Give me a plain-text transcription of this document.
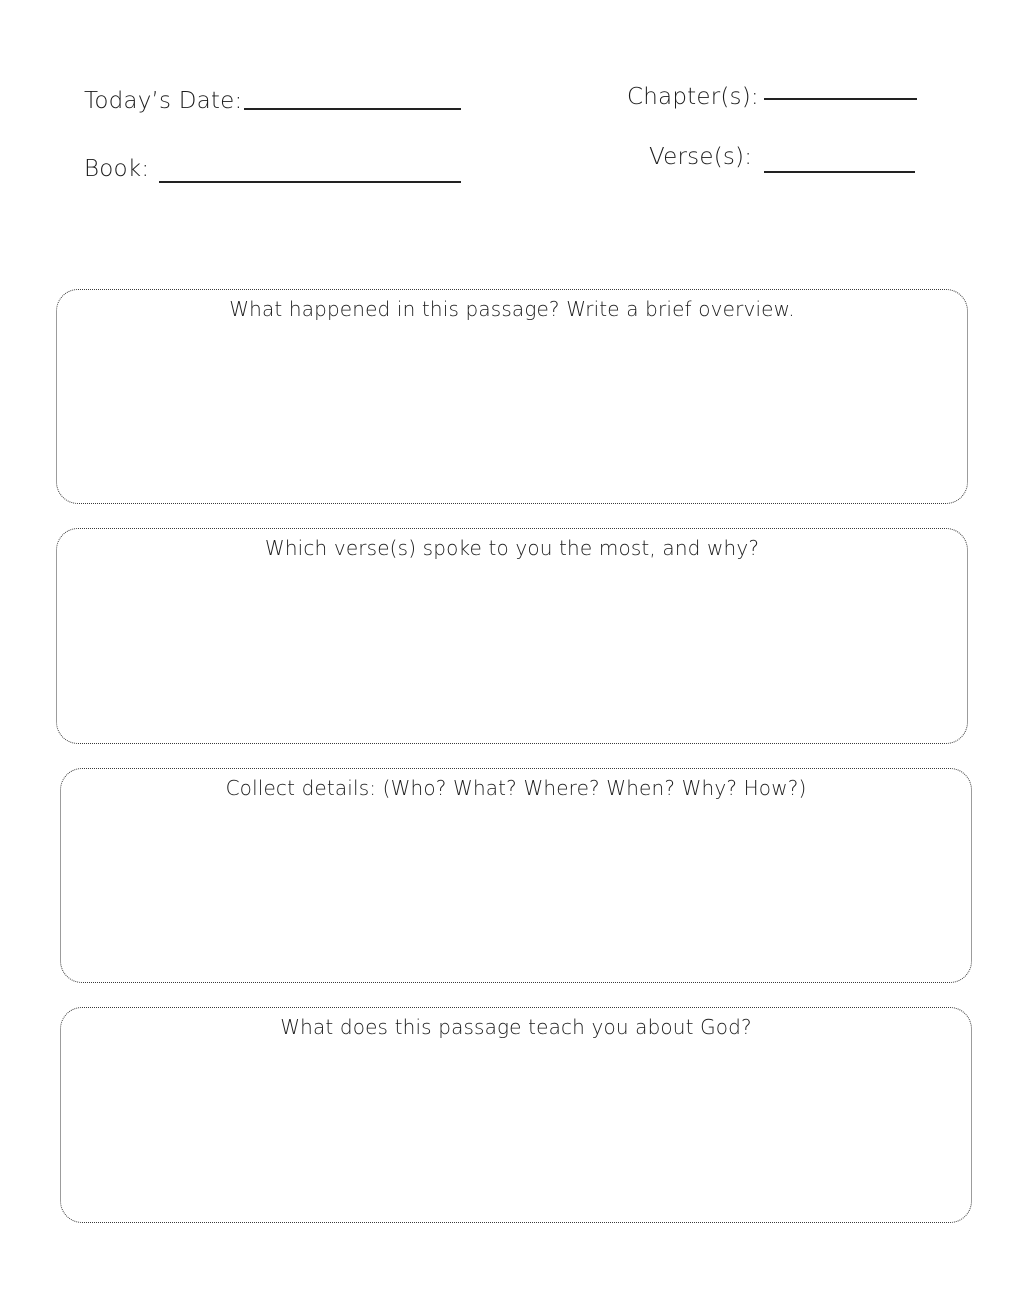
Today’s Date:
Book:
Chapter(s):
Verse(s):
What happened in this passage? Write a brief overview.
Which verse(s) spoke to you the most, and why?
Collect details: (Who? What? Where? When? Why? How?)
What does this passage teach you about God?
